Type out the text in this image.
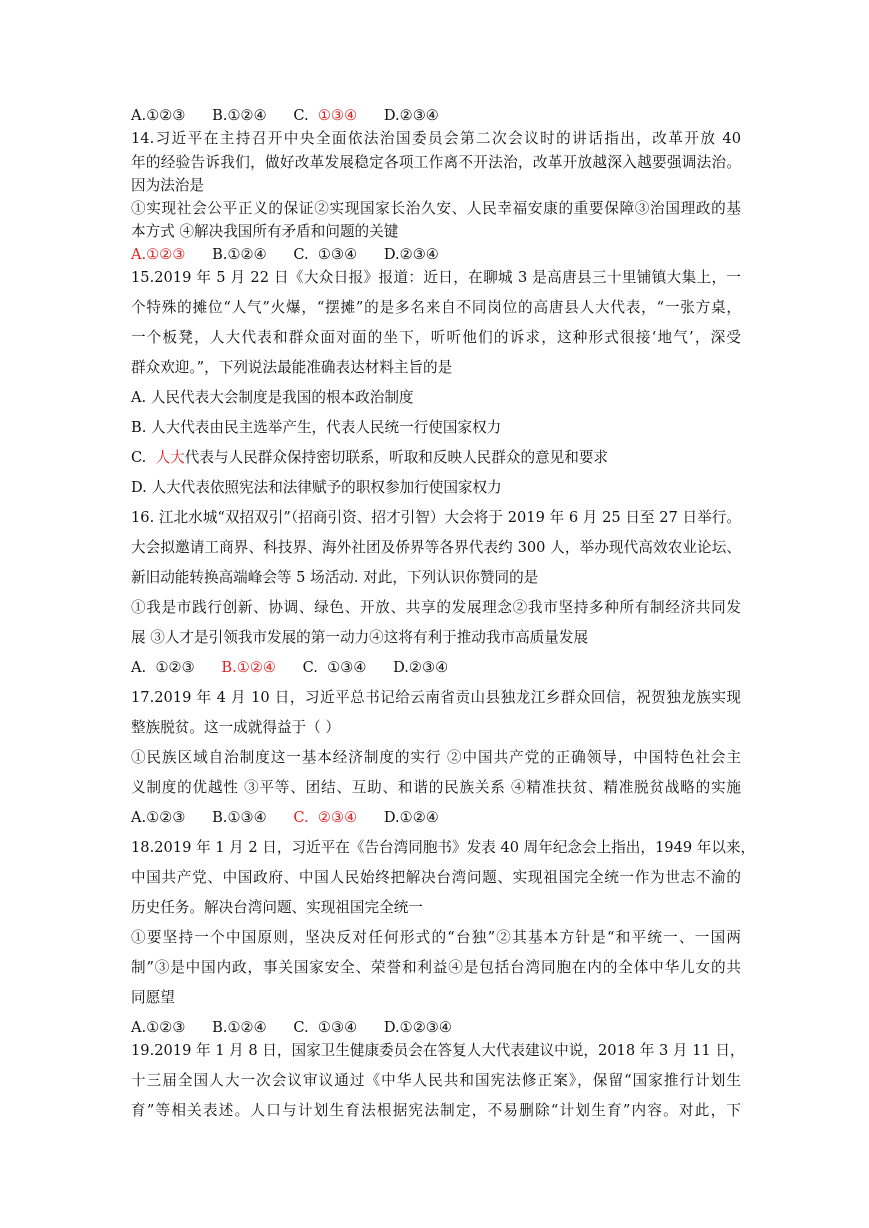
A.①②③ B.①②④ C. ①③④ D.②③④
14.习近平在主持召开中央全面依法治国委员会第二次会议时的讲话指出，改革开放 40
年的经验告诉我们，做好改革发展稳定各项工作离不开法治，改革开放越深入越要强调法治。
因为法治是
①实现社会公平正义的保证②实现国家长治久安、人民幸福安康的重要保障③治国理政的基
本方式 ④解决我国所有矛盾和问题的关键
A.①②③ B.①②④ C. ①③④ D.②③④
15.2019 年 5 月 22 日《大众日报》报道：近日，在聊城 3 是高唐县三十里铺镇大集上，一
个特殊的摊位“人气”火爆，“摆摊”的是多名来自不同岗位的高唐县人大代表，“一张方桌，
一个板凳，人大代表和群众面对面的坐下，听听他们的诉求，这种形式很接‘地气’，深受
群众欢迎。”，下列说法最能准确表达材料主旨的是
A. 人民代表大会制度是我国的根本政治制度
B. 人大代表由民主选举产生，代表人民统一行使国家权力
C.  人大代表与人民群众保持密切联系，听取和反映人民群众的意见和要求
D. 人大代表依照宪法和法律赋予的职权参加行使国家权力
16. 江北水城“双招双引”（招商引资、招才引智）大会将于 2019 年 6 月 25 日至 27 日举行。
大会拟邀请工商界、科技界、海外社团及侨界等各界代表约 300 人，举办现代高效农业论坛、
新旧动能转换高端峰会等 5 场活动. 对此，下列认识你赞同的是
①我是市践行创新、协调、绿色、开放、共享的发展理念②我市坚持多种所有制经济共同发
展 ③人才是引领我市发展的第一动力④这将有利于推动我市高质量发展
A. ①②③ B.①②④ C. ①③④ D.②③④
17.2019 年 4 月 10 日，习近平总书记给云南省贡山县独龙江乡群众回信，祝贺独龙族实现
整族脱贫。这一成就得益于（ ）
①民族区域自治制度这一基本经济制度的实行 ②中国共产党的正确领导，中国特色社会主
义制度的优越性 ③平等、团结、互助、和谐的民族关系 ④精准扶贫、精准脱贫战略的实施
A.①②③ B.①③④ C. ②③④ D.①②④
18.2019 年 1 月 2 日，习近平在《告台湾同胞书》发表 40 周年纪念会上指出，1949 年以来，
中国共产党、中国政府、中国人民始终把解决台湾问题、实现祖国完全统一作为世志不渝的
历史任务。解决台湾问题、实现祖国完全统一
①要坚持一个中国原则，坚决反对任何形式的“台独”②其基本方针是“和平统一、一国两
制”③是中国内政，事关国家安全、荣誉和利益④是包括台湾同胞在内的全体中华儿女的共
同愿望
A.①②③ B.①②④ C. ①③④ D.①②③④
19.2019 年 1 月 8 日，国家卫生健康委员会在答复人大代表建议中说，2018 年 3 月 11 日，
十三届全国人大一次会议审议通过《中华人民共和国宪法修正案》，保留“国家推行计划生
育”等相关表述。人口与计划生育法根据宪法制定，不易删除“计划生育”内容。对此，下
